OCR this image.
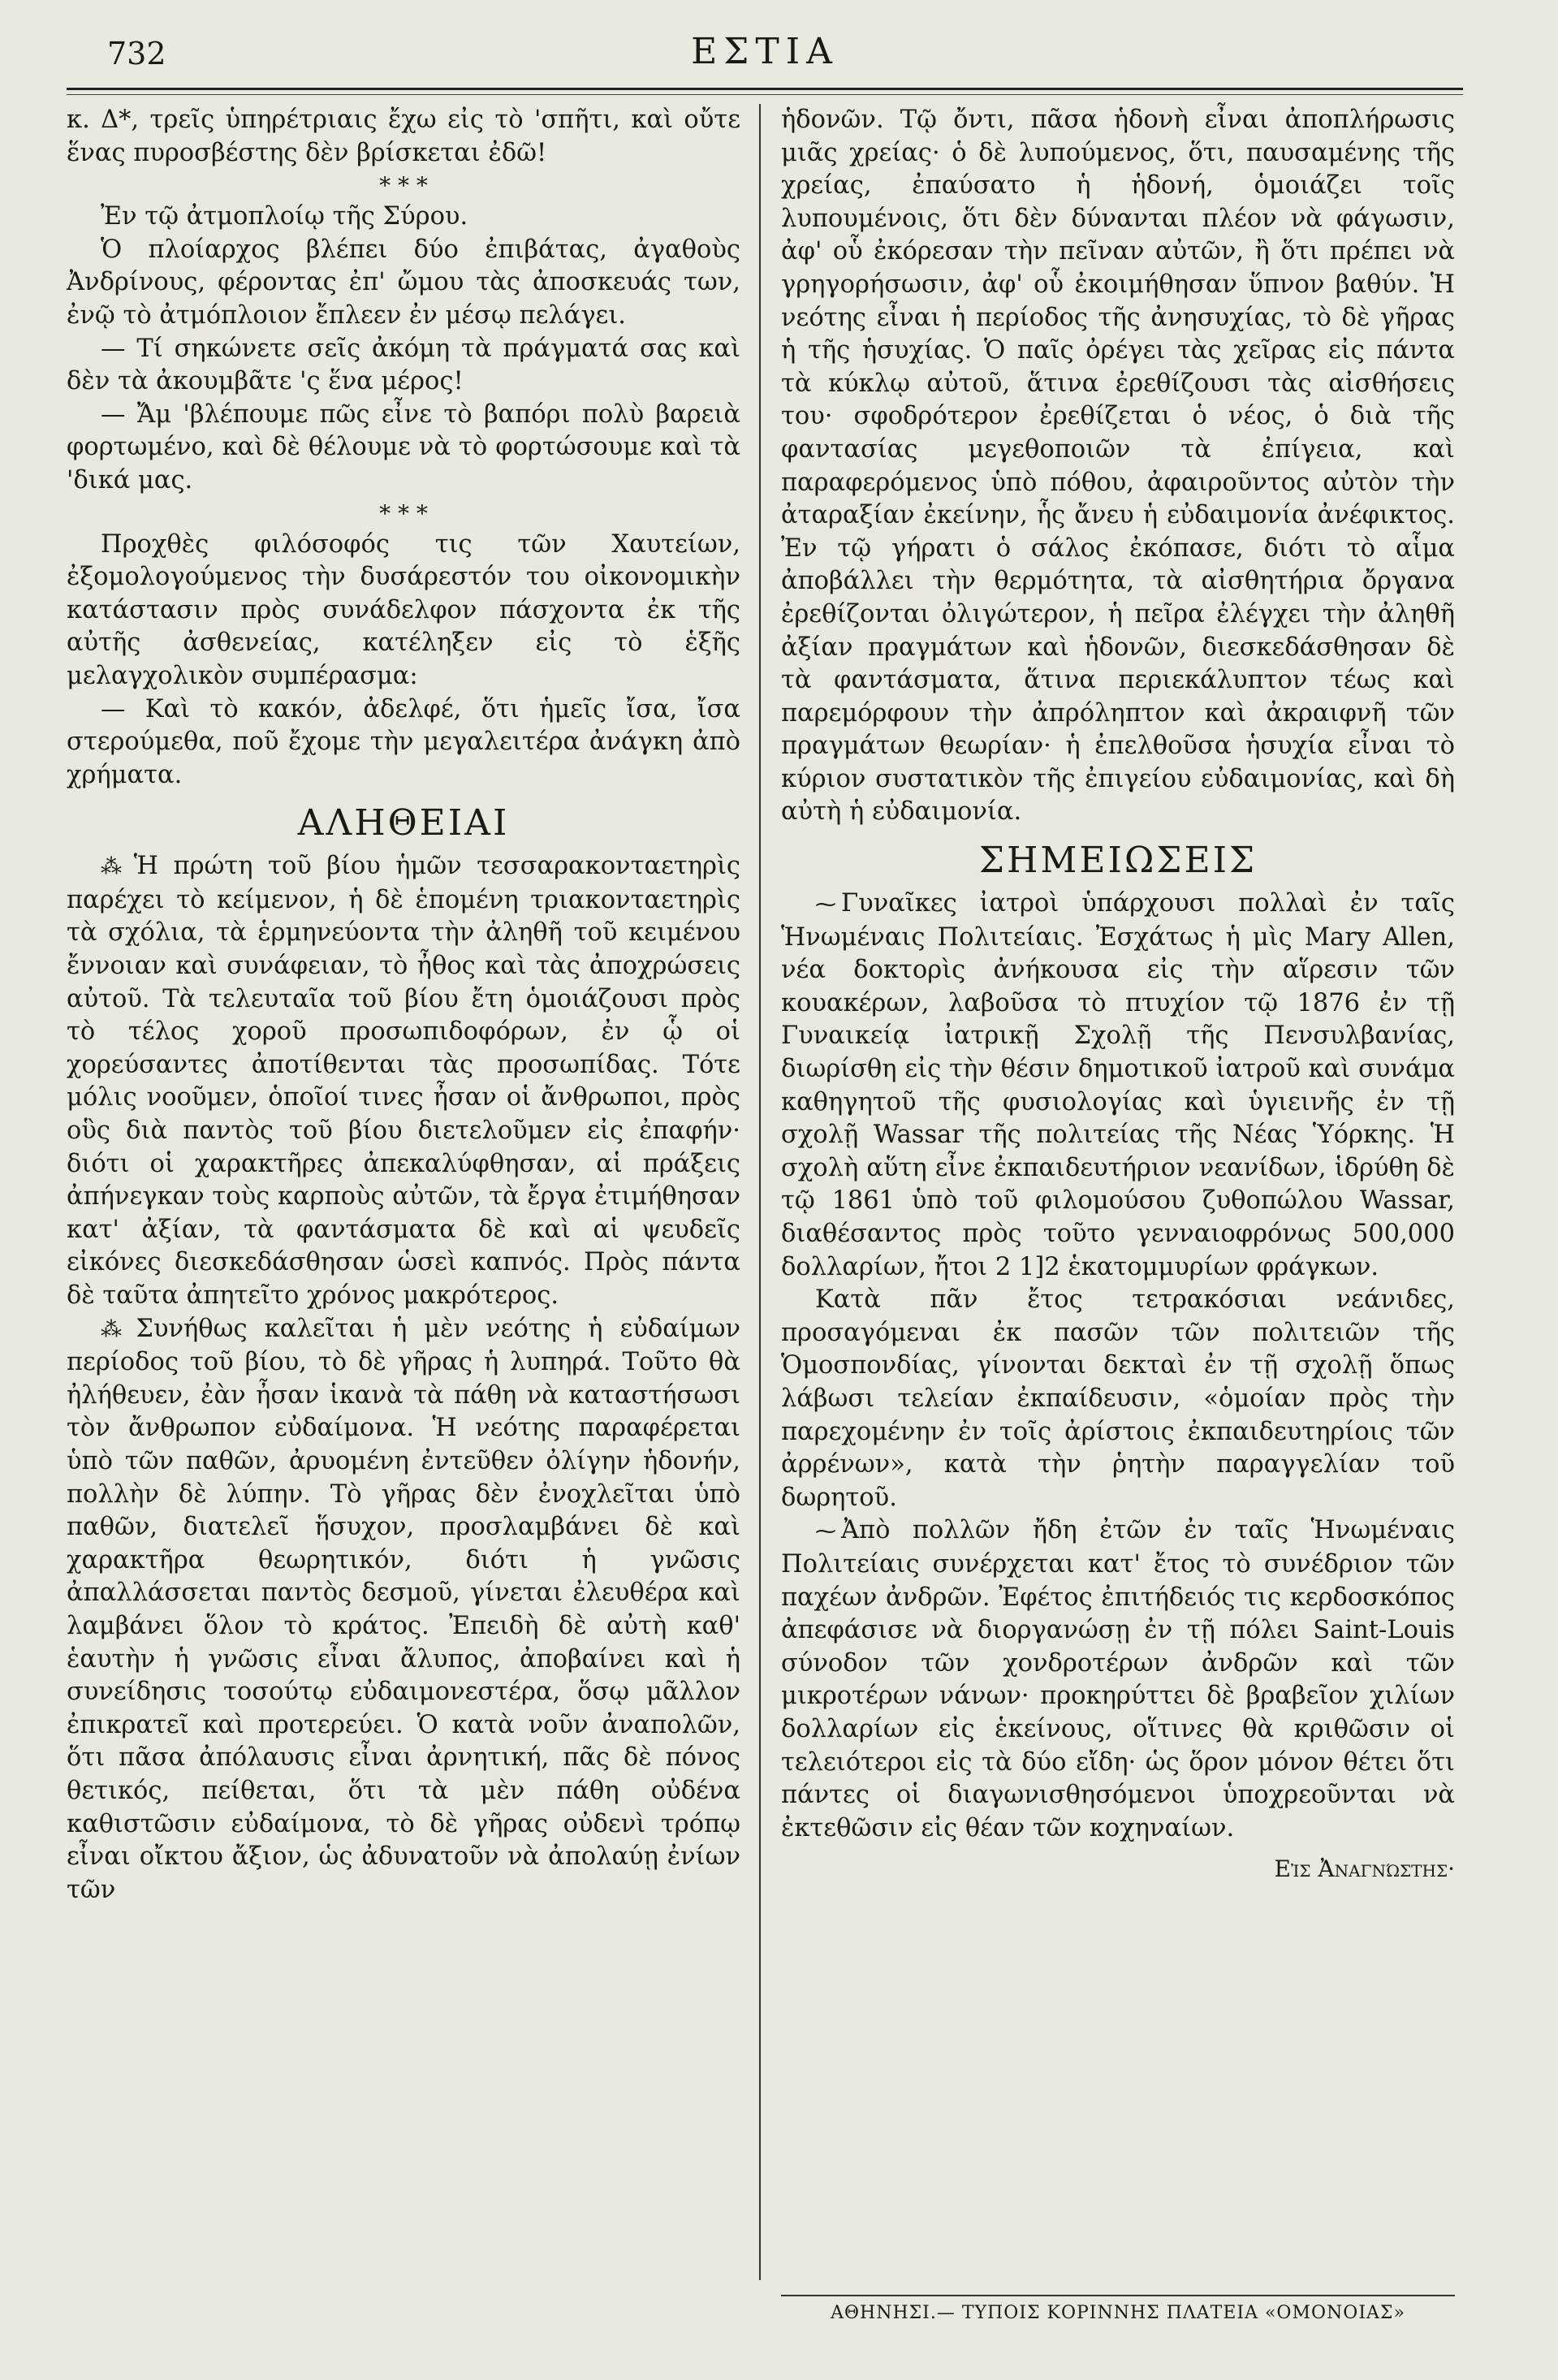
732	ΕΣΤΙΑ

κ. Δ*, τρεῖς ὑπηρέτριαις ἔχω εἰς τὸ 'σπῆτι, καὶ οὔτε ἕνας πυροσβέστης δὲν βρίσκεται ἐδῶ!

* * *

Ἐν τῷ ἀτμοπλοίῳ τῆς Σύρου.

Ὁ πλοίαρχος βλέπει δύο ἐπιβάτας, ἀγαθοὺς Ἀνδρίνους, φέροντας ἐπ' ὤμου τὰς ἀποσκευάς των, ἐνῷ τὸ ἀτμόπλοιον ἔπλεεν ἐν μέσῳ πελάγει.

— Τί σηκώνετε σεῖς ἀκόμη τὰ πράγματά σας καὶ δὲν τὰ ἀκουμβᾶτε 'ς ἕνα μέρος!

— Ἄμ 'βλέπουμε πῶς εἶνε τὸ βαπόρι πολὺ βαρειὰ φορτωμένο, καὶ δὲ θέλουμε νὰ τὸ φορτώσουμε καὶ τὰ 'δικά μας.

* * *

Προχθὲς φιλόσοφός τις τῶν Χαυτείων, ἐξομολογούμενος τὴν δυσάρεστόν του οἰκονομικὴν κατάστασιν πρὸς συνάδελφον πάσχοντα ἐκ τῆς αὐτῆς ἀσθενείας, κατέληξεν εἰς τὸ ἑξῆς μελαγχολικὸν συμπέρασμα:

— Καὶ τὸ κακόν, ἀδελφέ, ὅτι ἡμεῖς ἴσα, ἴσα στερούμεθα, ποῦ ἔχομε τὴν μεγαλειτέρα ἀνάγκη ἀπὸ χρήματα.

ΑΛΗΘΕΙΑΙ

⁂ Ἡ πρώτη τοῦ βίου ἡμῶν τεσσαρακονταετηρὶς παρέχει τὸ κείμενον, ἡ δὲ ἑπομένη τριακονταετηρὶς τὰ σχόλια, τὰ ἑρμηνεύοντα τὴν ἀληθῆ τοῦ κειμένου ἔννοιαν καὶ συνάφειαν, τὸ ἦθος καὶ τὰς ἀποχρώσεις αὐτοῦ. Τὰ τελευταῖα τοῦ βίου ἔτη ὁμοιάζουσι πρὸς τὸ τέλος χοροῦ προσωπιδοφόρων, ἐν ᾧ οἱ χορεύσαντες ἀποτίθενται τὰς προσωπίδας. Τότε μόλις νοοῦμεν, ὁποῖοί τινες ἦσαν οἱ ἄνθρωποι, πρὸς οὓς διὰ παντὸς τοῦ βίου διετελοῦμεν εἰς ἐπαφήν· διότι οἱ χαρακτῆρες ἀπεκαλύφθησαν, αἱ πράξεις ἀπήνεγκαν τοὺς καρποὺς αὐτῶν, τὰ ἔργα ἐτιμήθησαν κατ' ἀξίαν, τὰ φαντάσματα δὲ καὶ αἱ ψευδεῖς εἰκόνες διεσκεδάσθησαν ὡσεὶ καπνός. Πρὸς πάντα δὲ ταῦτα ἀπητεῖτο χρόνος μακρότερος.

⁂ Συνήθως καλεῖται ἡ μὲν νεότης ἡ εὐδαίμων περίοδος τοῦ βίου, τὸ δὲ γῆρας ἡ λυπηρά. Τοῦτο θὰ ἠλήθευεν, ἐὰν ἦσαν ἱκανὰ τὰ πάθη νὰ καταστήσωσι τὸν ἄνθρωπον εὐδαίμονα. Ἡ νεότης παραφέρεται ὑπὸ τῶν παθῶν, ἀρυομένη ἐντεῦθεν ὀλίγην ἡδονήν, πολλὴν δὲ λύπην. Τὸ γῆρας δὲν ἐνοχλεῖται ὑπὸ παθῶν, διατελεῖ ἥσυχον, προσλαμβάνει δὲ καὶ χαρακτῆρα θεωρητικόν, διότι ἡ γνῶσις ἀπαλλάσσεται παντὸς δεσμοῦ, γίνεται ἐλευθέρα καὶ λαμβάνει ὅλον τὸ κράτος. Ἐπειδὴ δὲ αὐτὴ καθ' ἑαυτὴν ἡ γνῶσις εἶναι ἄλυπος, ἀποβαίνει καὶ ἡ συνείδησις τοσούτῳ εὐδαιμονεστέρα, ὅσῳ μᾶλλον ἐπικρατεῖ καὶ προτερεύει. Ὁ κατὰ νοῦν ἀναπολῶν, ὅτι πᾶσα ἀπόλαυσις εἶναι ἀρνητική, πᾶς δὲ πόνος θετικός, πείθεται, ὅτι τὰ μὲν πάθη οὐδένα καθιστῶσιν εὐδαίμονα, τὸ δὲ γῆρας οὐδενὶ τρόπῳ εἶναι οἴκτου ἄξιον, ὡς ἀδυνατοῦν νὰ ἀπολαύῃ ἐνίων τῶν

ἡδονῶν. Τῷ ὄντι, πᾶσα ἡδονὴ εἶναι ἀποπλήρωσις μιᾶς χρείας· ὁ δὲ λυπούμενος, ὅτι, παυσαμένης τῆς χρείας, ἐπαύσατο ἡ ἡδονή, ὁμοιάζει τοῖς λυπουμένοις, ὅτι δὲν δύνανται πλέον νὰ φάγωσιν, ἀφ' οὗ ἐκόρεσαν τὴν πεῖναν αὐτῶν, ἢ ὅτι πρέπει νὰ γρηγορήσωσιν, ἀφ' οὗ ἐκοιμήθησαν ὕπνον βαθύν. Ἡ νεότης εἶναι ἡ περίοδος τῆς ἀνησυχίας, τὸ δὲ γῆρας ἡ τῆς ἡσυχίας. Ὁ παῖς ὀρέγει τὰς χεῖρας εἰς πάντα τὰ κύκλῳ αὐτοῦ, ἅτινα ἐρεθίζουσι τὰς αἰσθήσεις του· σφοδρότερον ἐρεθίζεται ὁ νέος, ὁ διὰ τῆς φαντασίας μεγεθοποιῶν τὰ ἐπίγεια, καὶ παραφερόμενος ὑπὸ πόθου, ἀφαιροῦντος αὐτὸν τὴν ἀταραξίαν ἐκείνην, ἧς ἄνευ ἡ εὐδαιμονία ἀνέφικτος. Ἐν τῷ γήρατι ὁ σάλος ἐκόπασε, διότι τὸ αἷμα ἀποβάλλει τὴν θερμότητα, τὰ αἰσθητήρια ὄργανα ἐρεθίζονται ὀλιγώτερον, ἡ πεῖρα ἐλέγχει τὴν ἀληθῆ ἀξίαν πραγμάτων καὶ ἡδονῶν, διεσκεδάσθησαν δὲ τὰ φαντάσματα, ἅτινα περιεκάλυπτον τέως καὶ παρεμόρφουν τὴν ἀπρόληπτον καὶ ἀκραιφνῆ τῶν πραγμάτων θεωρίαν· ἡ ἐπελθοῦσα ἡσυχία εἶναι τὸ κύριον συστατικὸν τῆς ἐπιγείου εὐδαιμονίας, καὶ δὴ αὐτὴ ἡ εὐδαιμονία.

ΣΗΜΕΙΩΣΕΙΣ

⁓ Γυναῖκες ἰατροὶ ὑπάρχουσι πολλαὶ ἐν ταῖς Ἡνωμέναις Πολιτείαις. Ἐσχάτως ἡ μὶς Mary Allen, νέα δοκτορὶς ἀνήκουσα εἰς τὴν αἵρεσιν τῶν κουακέρων, λαβοῦσα τὸ πτυχίον τῷ 1876 ἐν τῇ Γυναικείᾳ ἰατρικῇ Σχολῇ τῆς Πενσυλβανίας, διωρίσθη εἰς τὴν θέσιν δημοτικοῦ ἰατροῦ καὶ συνάμα καθηγητοῦ τῆς φυσιολογίας καὶ ὑγιεινῆς ἐν τῇ σχολῇ Wassar τῆς πολιτείας τῆς Νέας Ὑόρκης. Ἡ σχολὴ αὕτη εἶνε ἐκπαιδευτήριον νεανίδων, ἱδρύθη δὲ τῷ 1861 ὑπὸ τοῦ φιλομούσου ζυθοπώλου Wassar, διαθέσαντος πρὸς τοῦτο γενναιοφρόνως 500,000 δολλαρίων, ἤτοι 2 1]2 ἑκατομμυρίων φράγκων.

Κατὰ πᾶν ἔτος τετρακόσιαι νεάνιδες, προσαγόμεναι ἐκ πασῶν τῶν πολιτειῶν τῆς Ὁμοσπονδίας, γίνονται δεκταὶ ἐν τῇ σχολῇ ὅπως λάβωσι τελείαν ἐκπαίδευσιν, «ὁμοίαν πρὸς τὴν παρεχομένην ἐν τοῖς ἀρίστοις ἐκπαιδευτηρίοις τῶν ἀρρένων», κατὰ τὴν ῥητὴν παραγγελίαν τοῦ δωρητοῦ.

⁓ Ἀπὸ πολλῶν ἤδη ἐτῶν ἐν ταῖς Ἡνωμέναις Πολιτείαις συνέρχεται κατ' ἔτος τὸ συνέδριον τῶν παχέων ἀνδρῶν. Ἐφέτος ἐπιτήδειός τις κερδοσκόπος ἀπεφάσισε νὰ διοργανώσῃ ἐν τῇ πόλει Saint-Louis σύνοδον τῶν χονδροτέρων ἀνδρῶν καὶ τῶν μικροτέρων νάνων· προκηρύττει δὲ βραβεῖον χιλίων δολλαρίων εἰς ἑκείνους, οἵτινες θὰ κριθῶσιν οἱ τελειότεροι εἰς τὰ δύο εἴδη· ὡς ὅρον μόνον θέτει ὅτι πάντες οἱ διαγωνισθησόμενοι ὑποχρεοῦνται νὰ ἐκτεθῶσιν εἰς θέαν τῶν κοχηναίων.

Εἰς Ἀναγνώστης·
ΑΘΗΝΗΣΙ.— ΤΥΠΟΙΣ ΚΟΡΙΝΝΗΣ ΠΛΑΤΕΙΑ «ΟΜΟΝΟΙΑΣ»
